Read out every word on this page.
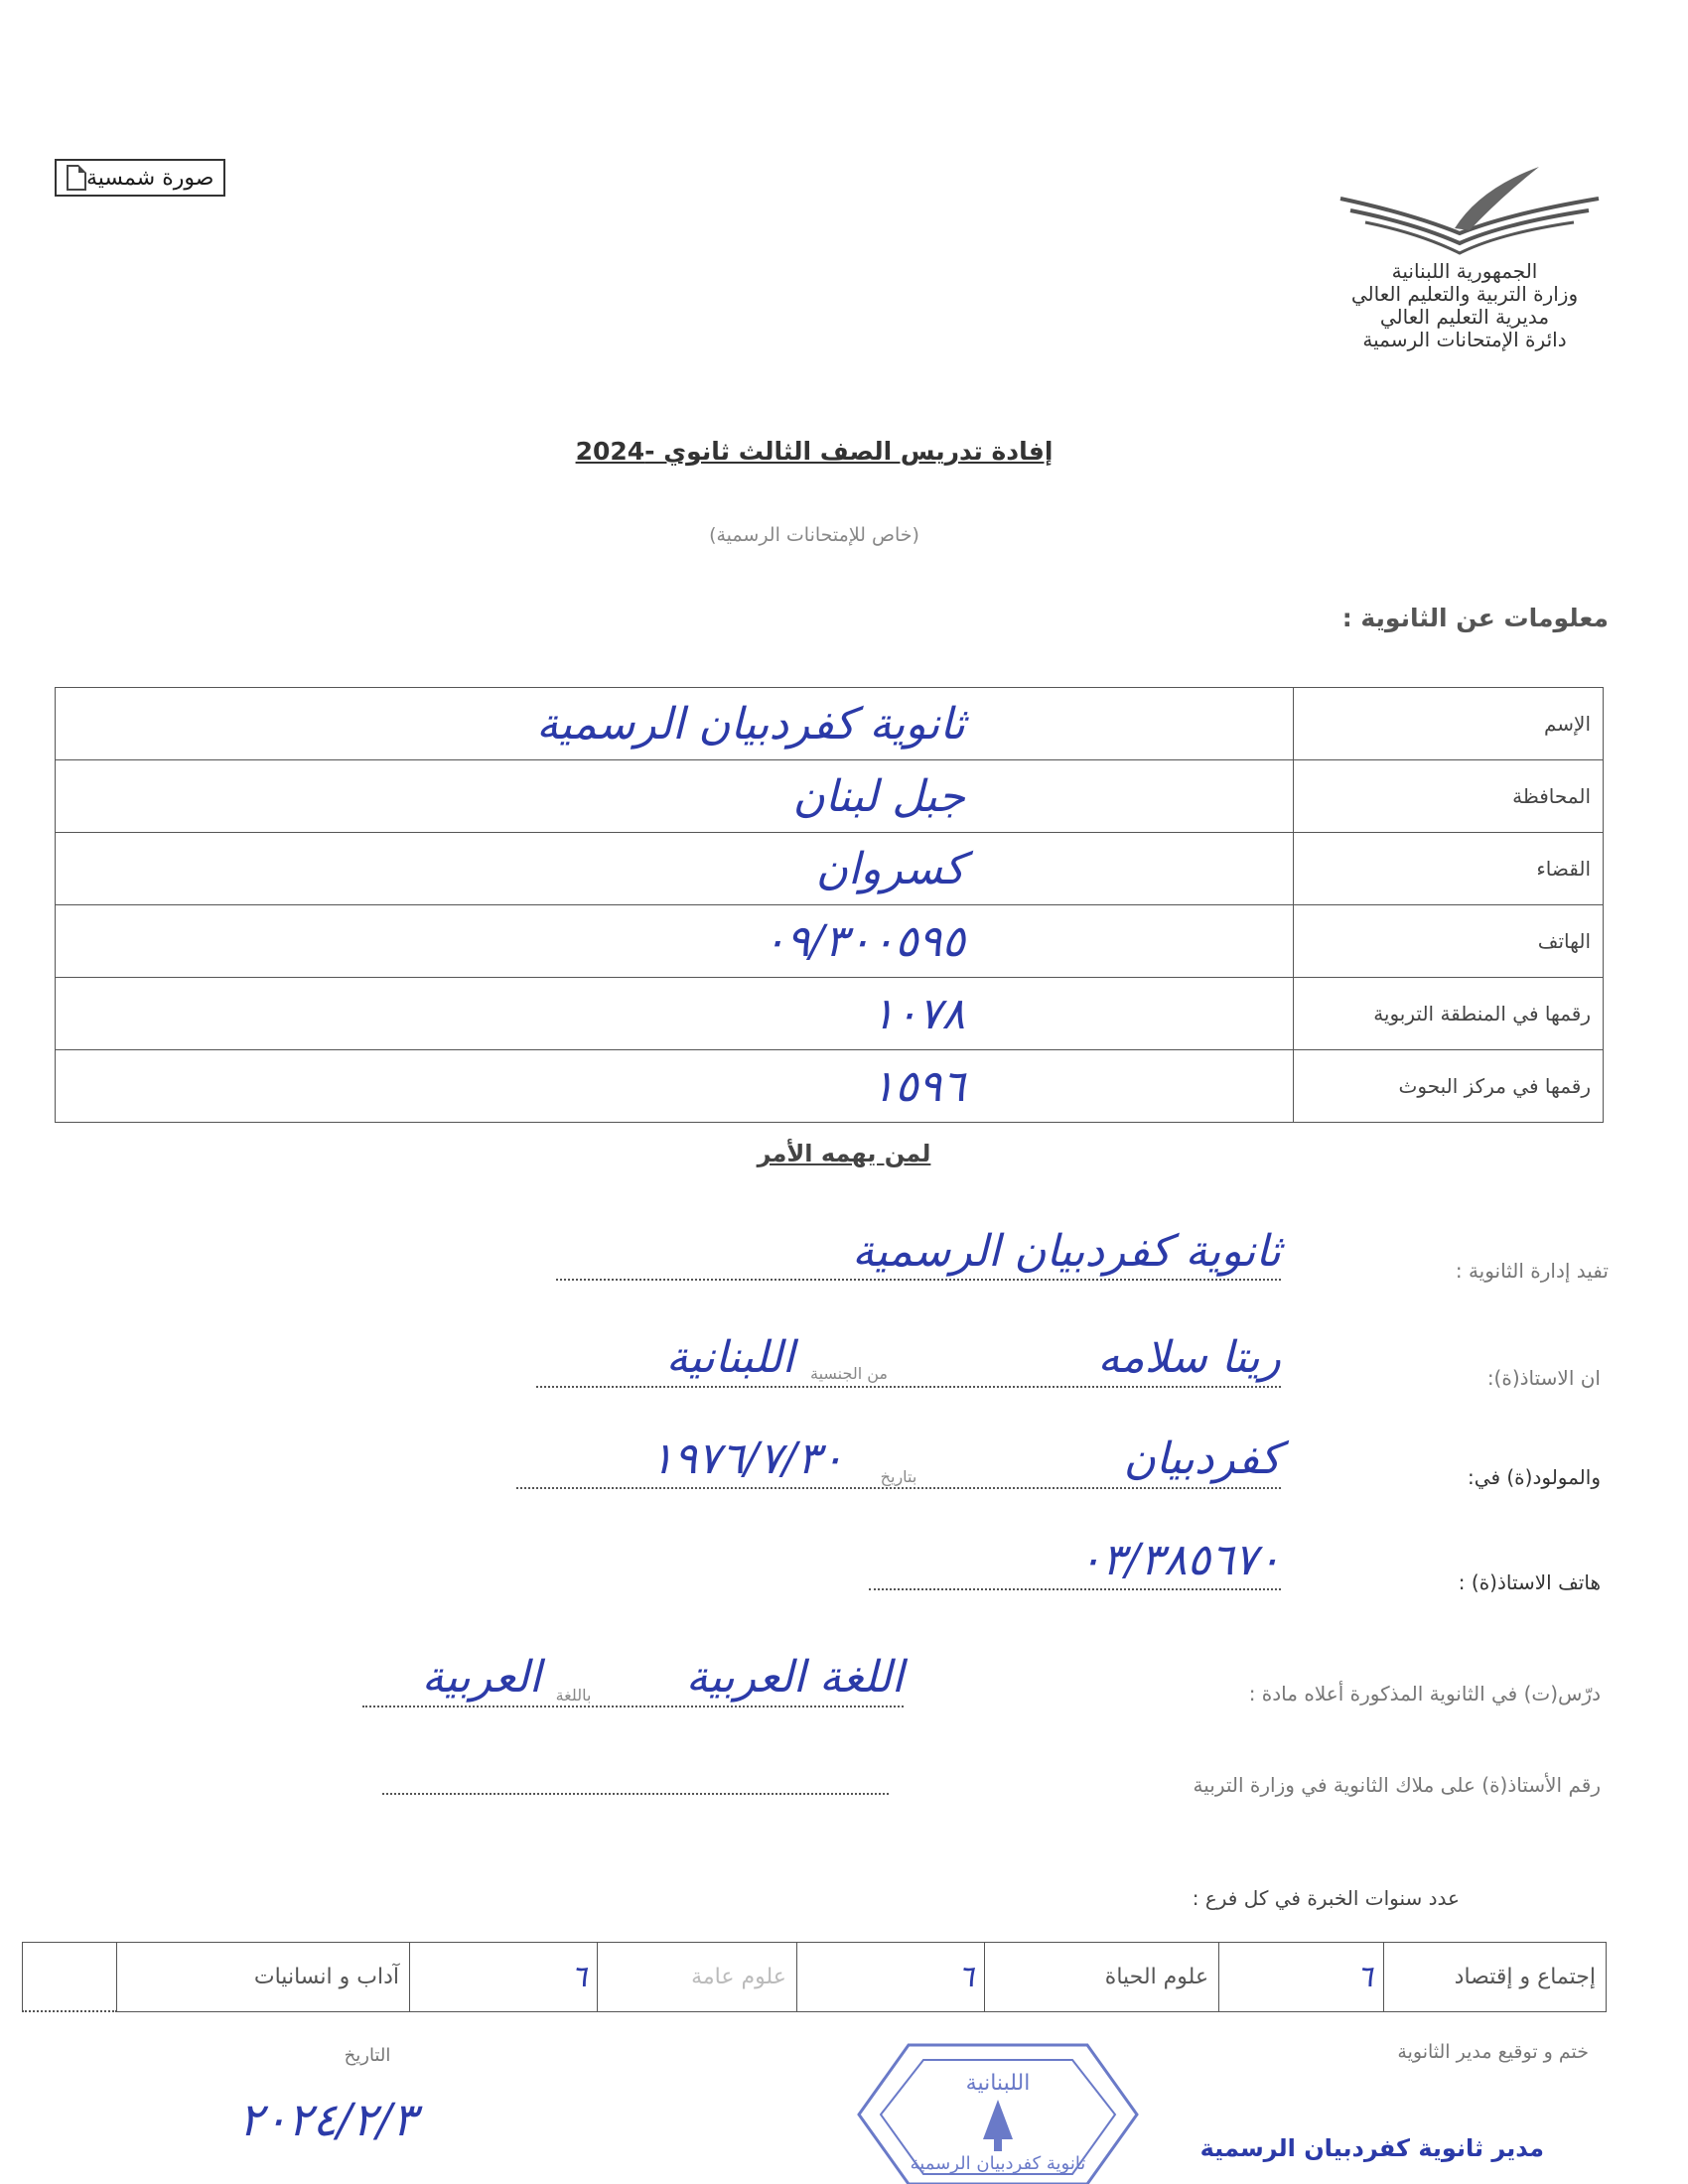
صورة شمسية
الجمهورية اللبنانية
وزارة التربية والتعليم العالي
مديرية التعليم العالي
دائرة الإمتحانات الرسمية
إفادة تدريس الصف الثالث ثانوي -2024
(خاص للإمتحانات الرسمية)
معلومات عن الثانوية :
الإسم	ثانوية كفردبيان الرسمية
المحافظة	جبل لبنان
القضاء	كسروان
الهاتف	٠٩/٣٠٠٥٩٥
رقمها في المنطقة التربوية	١٠٧٨
رقمها في مركز البحوث	١٥٩٦
لمن يهمه الأمر
تفيد إدارة الثانوية :
ثانوية كفردبيان الرسمية
ان الاستاذ(ة):
ريتا سلامه
من الجنسية
اللبنانية
والمولود(ة) في:
كفردبيان
بتاريخ
١٩٧٦/٧/٣٠
هاتف الاستاذ(ة) :
٠٣/٣٨٥٦٧٠
درّس(ت) في الثانوية المذكورة أعلاه مادة :
اللغة العربية
باللغة
العربية
رقم الأستاذ(ة) على ملاك الثانوية في وزارة التربية
عدد سنوات الخبرة في كل فرع :
إجتماع و إقتصاد	٦	علوم الحياة	٦	علوم عامة	٦	آداب و انسانيات	
ختم و توقيع مدير الثانوية
التاريخ
٢٠٢٤/٢/٣
مدير ثانوية كفردبيان الرسمية
اللبنانية
ثانوية كفردبيان الرسمية
